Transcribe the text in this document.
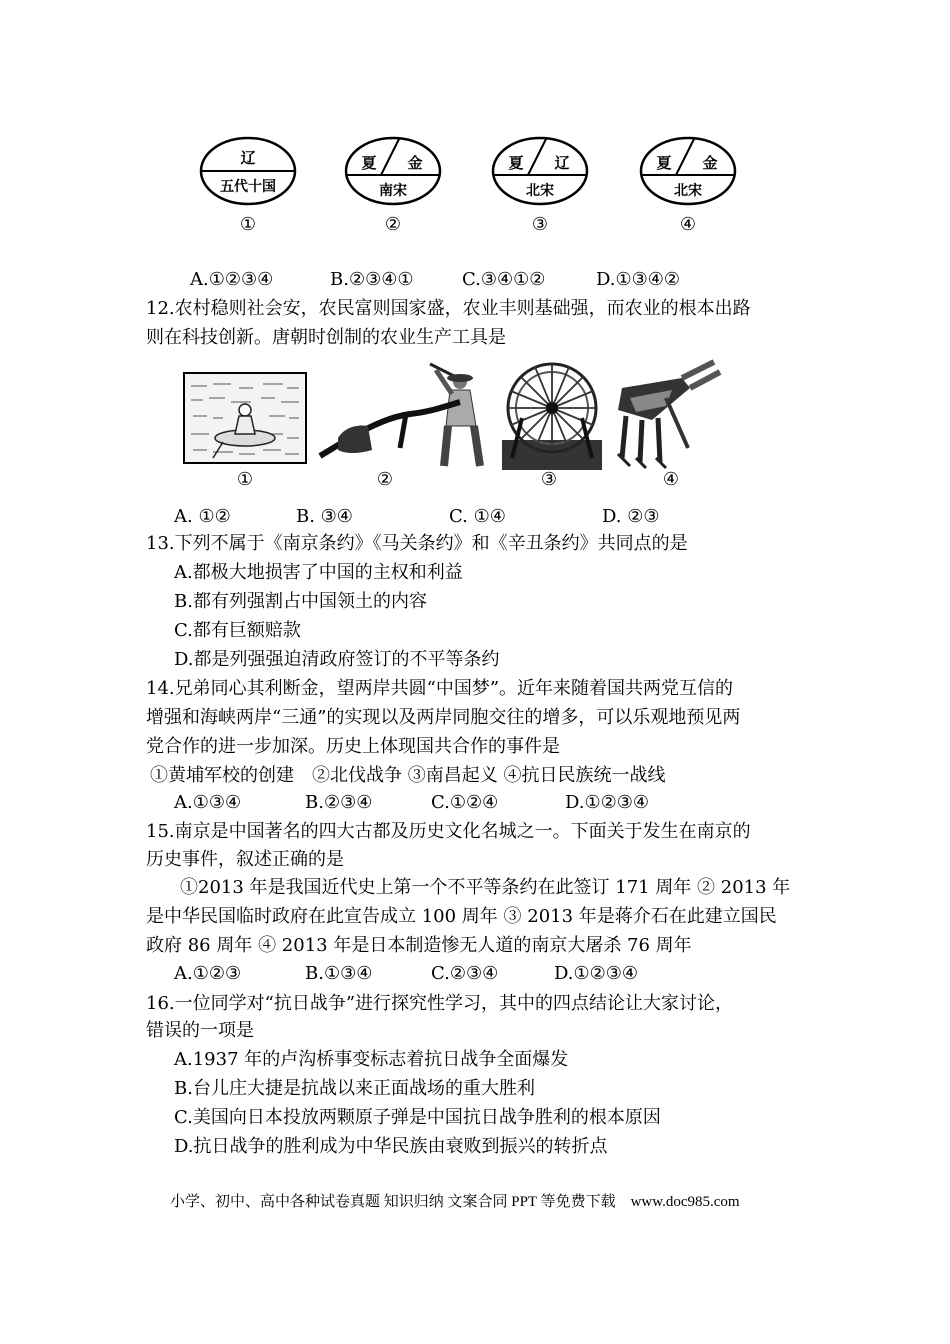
辽
五代十国
①
夏 金
南宋
②
夏 辽
北宋
③
夏 金
北宋
④
A.①②③④	B.②③④①	C.③④①②	D.①③④②
12.农村稳则社会安，农民富则国家盛，农业丰则基础强，而农业的根本出路
则在科技创新。唐朝时创制的农业生产工具是
①	②	③	④
A. ①②	B. ③④	C. ①④	D. ②③
13.下列不属于《南京条约》《马关条约》和《辛丑条约》共同点的是
A.都极大地损害了中国的主权和利益
B.都有列强割占中国领土的内容
C.都有巨额赔款
D.都是列强强迫清政府签订的不平等条约
14.兄弟同心其利断金，望两岸共圆“中国梦”。近年来随着国共两党互信的
增强和海峡两岸“三通”的实现以及两岸同胞交往的增多，可以乐观地预见两
党合作的进一步加深。历史上体现国共合作的事件是
①黄埔军校的创建　②北伐战争 ③南昌起义 ④抗日民族统一战线
A.①③④	B.②③④	C.①②④	D.①②③④
15.南京是中国著名的四大古都及历史文化名城之一。下面关于发生在南京的
历史事件，叙述正确的是
①2013 年是我国近代史上第一个不平等条约在此签订 171 周年 ② 2013 年
是中华民国临时政府在此宣告成立 100 周年 ③ 2013 年是蒋介石在此建立国民
政府 86 周年 ④ 2013 年是日本制造惨无人道的南京大屠杀 76 周年
A.①②③	B.①③④	C.②③④	D.①②③④
16.一位同学对“抗日战争”进行探究性学习，其中的四点结论让大家讨论，
错误的一项是
A.1937 年的卢沟桥事变标志着抗日战争全面爆发
B.台儿庄大捷是抗战以来正面战场的重大胜利
C.美国向日本投放两颗原子弹是中国抗日战争胜利的根本原因
D.抗日战争的胜利成为中华民族由衰败到振兴的转折点
小学、初中、高中各种试卷真题 知识归纳 文案合同 PPT 等免费下载　www.doc985.com
